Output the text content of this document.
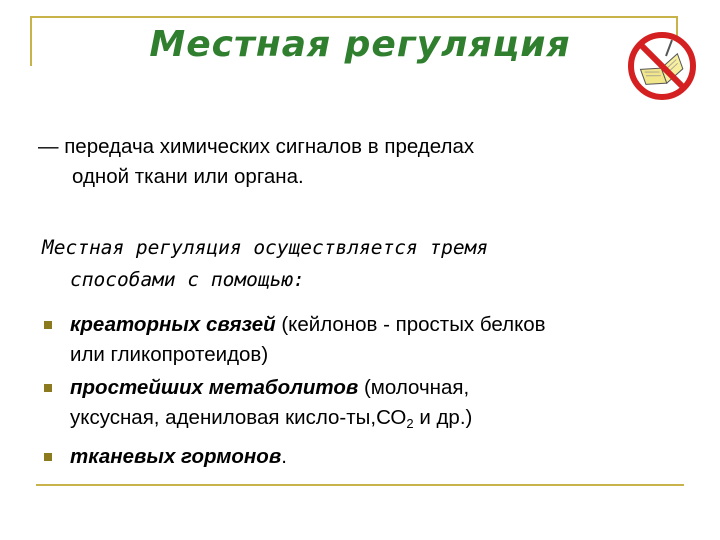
Местная регуляция
— передача химических сигналов в пределах
одной ткани или органа.
Местная регуляция осуществляется тремя
способами с помощью:
креаторных связей (кейлонов - простых белков
или гликопротеидов)
простейших метаболитов (молочная,
уксусная, адениловая кисло-$ты,СО_2$ и др.)
тканевых гормонов.
